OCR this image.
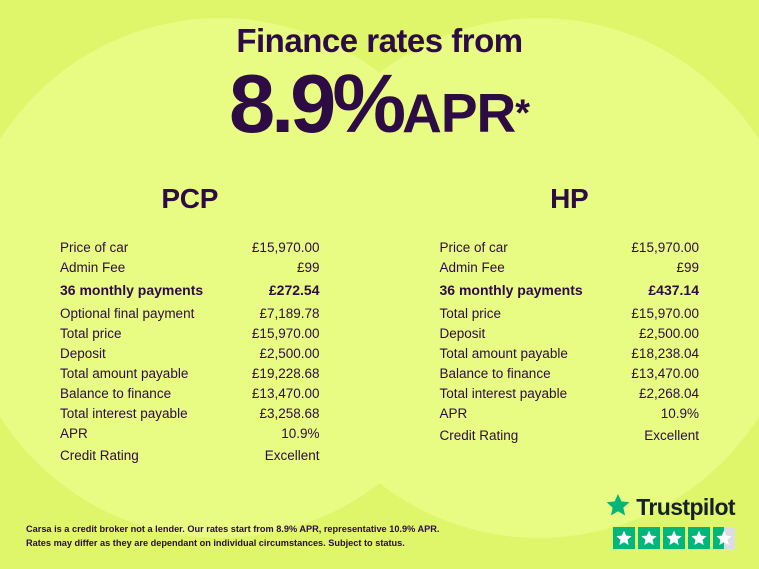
Finance rates from
8.9%APR*
PCP
Price of car	£15,970.00
Admin Fee	£99
36 monthly payments	£272.54
Optional final payment	£7,189.78
Total price	£15,970.00
Deposit	£2,500.00
Total amount payable	£19,228.68
Balance to finance	£13,470.00
Total interest payable	£3,258.68
APR	10.9%
Credit Rating	Excellent
HP
Price of car	£15,970.00
Admin Fee	£99
36 monthly payments	£437.14
Total price	£15,970.00
Deposit	£2,500.00
Total amount payable	£18,238.04
Balance to finance	£13,470.00
Total interest payable	£2,268.04
APR	10.9%
Credit Rating	Excellent
Carsa is a credit broker not a lender. Our rates start from 8.9% APR, representative 10.9% APR.
Rates may differ as they are dependant on individual circumstances. Subject to status.
Trustpilot
